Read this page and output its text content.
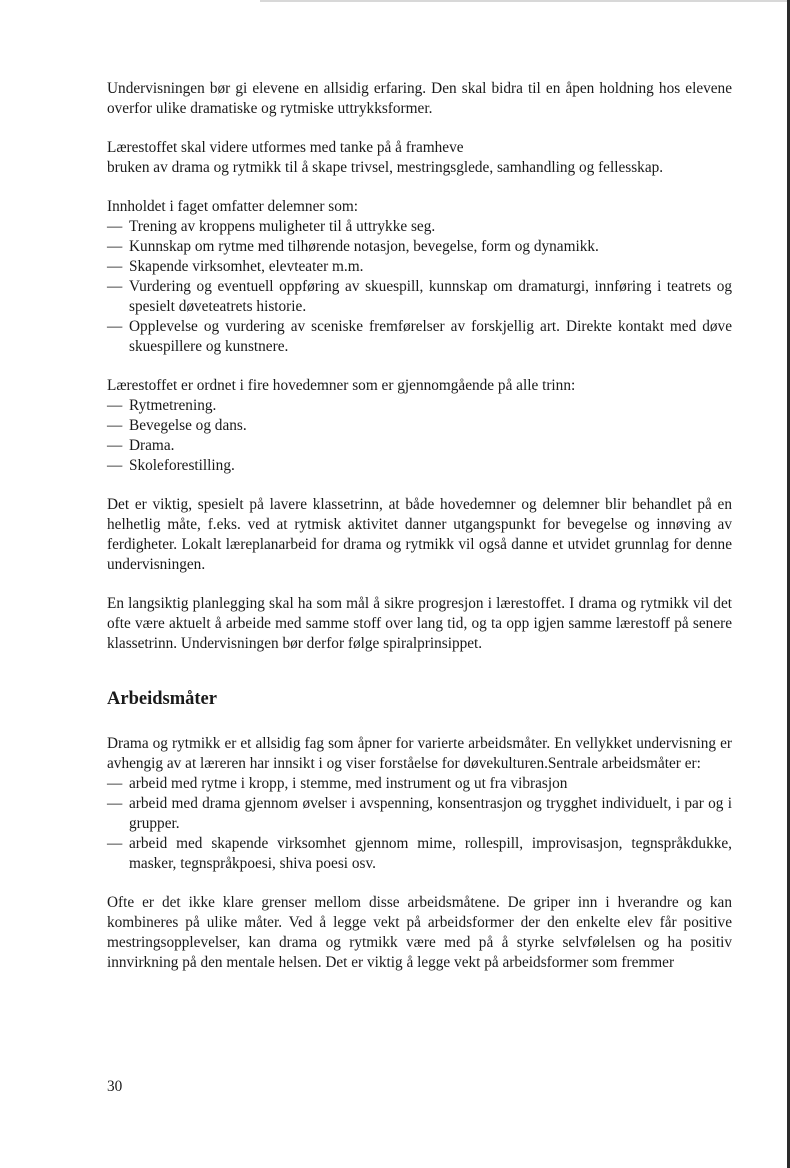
Undervisningen bør gi elevene en allsidig erfaring. Den skal bidra til en åpen holdning hos elevene overfor ulike dramatiske og rytmiske uttrykksformer.

Lærestoffet skal videre utformes med tanke på å framheve

bruken av drama og rytmikk til å skape trivsel, mestringsglede, samhandling og fellesskap.

Innholdet i faget omfatter delemner som:

— Trening av kroppens muligheter til å uttrykke seg.
— Kunnskap om rytme med tilhørende notasjon, bevegelse, form og dynamikk.
— Skapende virksomhet, elevteater m.m.
— Vurdering og eventuell oppføring av skuespill, kunnskap om dramaturgi, innføring i teatrets og spesielt døveteatrets historie.
— Opplevelse og vurdering av sceniske fremførelser av forskjellig art. Direkte kontakt med døve skuespillere og kunstnere.

Lærestoffet er ordnet i fire hovedemner som er gjennomgående på alle trinn:

— Rytmetrening.
— Bevegelse og dans.
— Drama.
— Skoleforestilling.

Det er viktig, spesielt på lavere klassetrinn, at både hovedemner og delemner blir behandlet på en helhetlig måte, f.eks. ved at rytmisk aktivitet danner utgangspunkt for bevegelse og innøving av ferdigheter. Lokalt læreplanarbeid for drama og rytmikk vil også danne et utvidet grunnlag for denne undervisningen.

En langsiktig planlegging skal ha som mål å sikre progresjon i lærestoffet. I drama og rytmikk vil det ofte være aktuelt å arbeide med samme stoff over lang tid, og ta opp igjen samme lærestoff på senere klassetrinn. Undervisningen bør derfor følge spiralprinsippet.

Arbeidsmåter

Drama og rytmikk er et allsidig fag som åpner for varierte arbeidsmåter. En vellykket undervisning er avhengig av at læreren har innsikt i og viser forståelse for døvekulturen.Sentrale arbeidsmåter er:

— arbeid med rytme i kropp, i stemme, med instrument og ut fra vibrasjon
— arbeid med drama gjennom øvelser i avspenning, konsentrasjon og trygghet individuelt, i par og i grupper.
— arbeid med skapende virksomhet gjennom mime, rollespill, improvisasjon, tegnspråkdukke, masker, tegnspråkpoesi, shiva poesi osv.

Ofte er det ikke klare grenser mellom disse arbeidsmåtene. De griper inn i hverandre og kan kombineres på ulike måter. Ved å legge vekt på arbeidsformer der den enkelte elev får positive mestringsopplevelser, kan drama og rytmikk være med på å styrke selvfølelsen og ha positiv innvirkning på den mentale helsen. Det er viktig å legge vekt på arbeidsformer som fremmer

30
